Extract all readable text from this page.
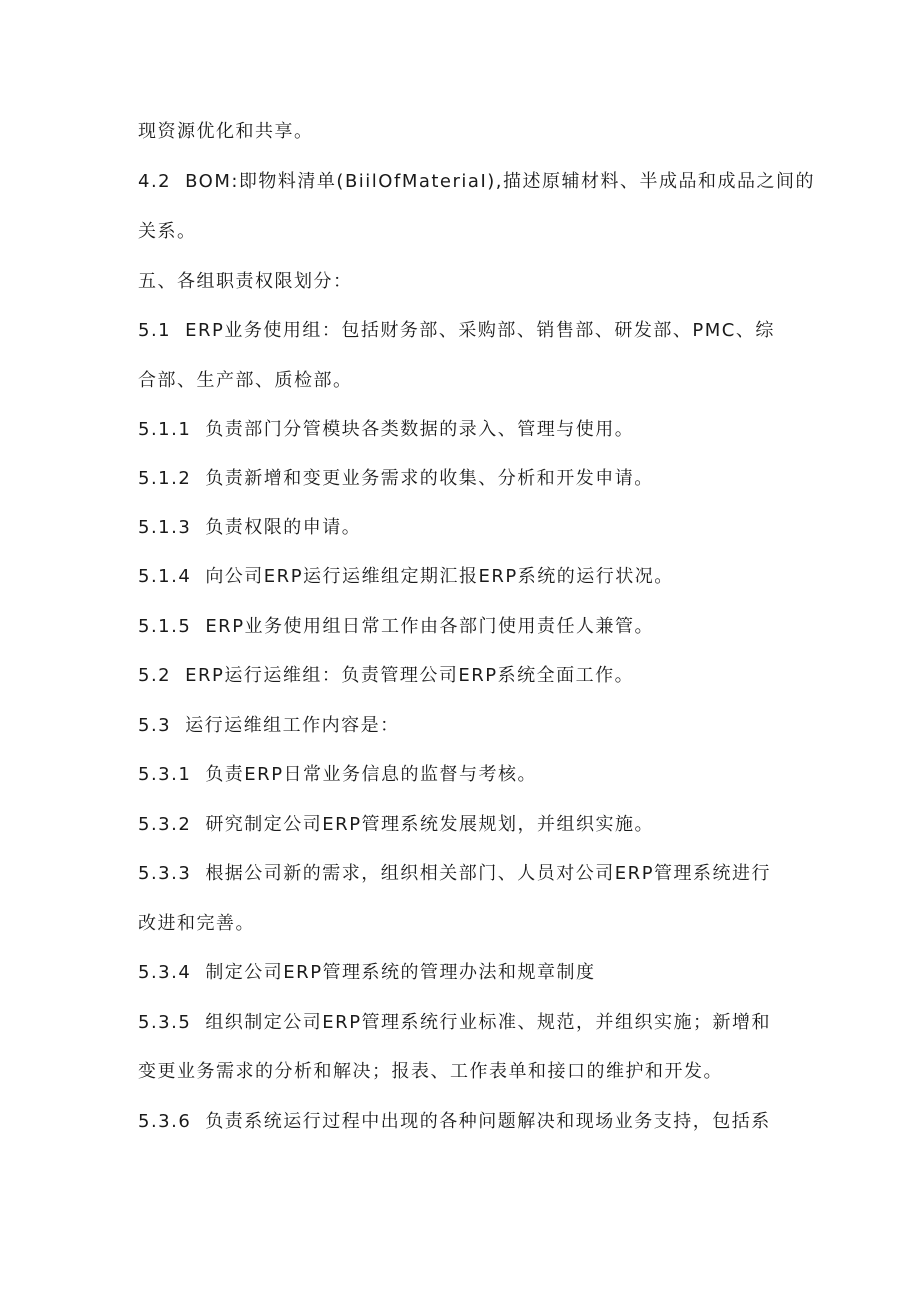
现资源优化和共享。

4.2 BOM:即物料清单(BiilOfMateriaI),描述原辅材料、半成品和成品之间的

关系。

五、各组职责权限划分：

5.1 ERP业务使用组：包括财务部、采购部、销售部、研发部、PMC、综

合部、生产部、质检部。

5.1.1 负责部门分管模块各类数据的录入、管理与使用。

5.1.2 负责新增和变更业务需求的收集、分析和开发申请。

5.1.3 负责权限的申请。

5.1.4 向公司ERP运行运维组定期汇报ERP系统的运行状况。

5.1.5 ERP业务使用组日常工作由各部门使用责任人兼管。

5.2 ERP运行运维组：负责管理公司ERP系统全面工作。

5.3 运行运维组工作内容是：

5.3.1 负责ERP日常业务信息的监督与考核。

5.3.2 研究制定公司ERP管理系统发展规划，并组织实施。

5.3.3 根据公司新的需求，组织相关部门、人员对公司ERP管理系统进行

改进和完善。

5.3.4 制定公司ERP管理系统的管理办法和规章制度

5.3.5 组织制定公司ERP管理系统行业标准、规范，并组织实施；新增和

变更业务需求的分析和解决；报表、工作表单和接口的维护和开发。

5.3.6 负责系统运行过程中出现的各种问题解决和现场业务支持，包括系
